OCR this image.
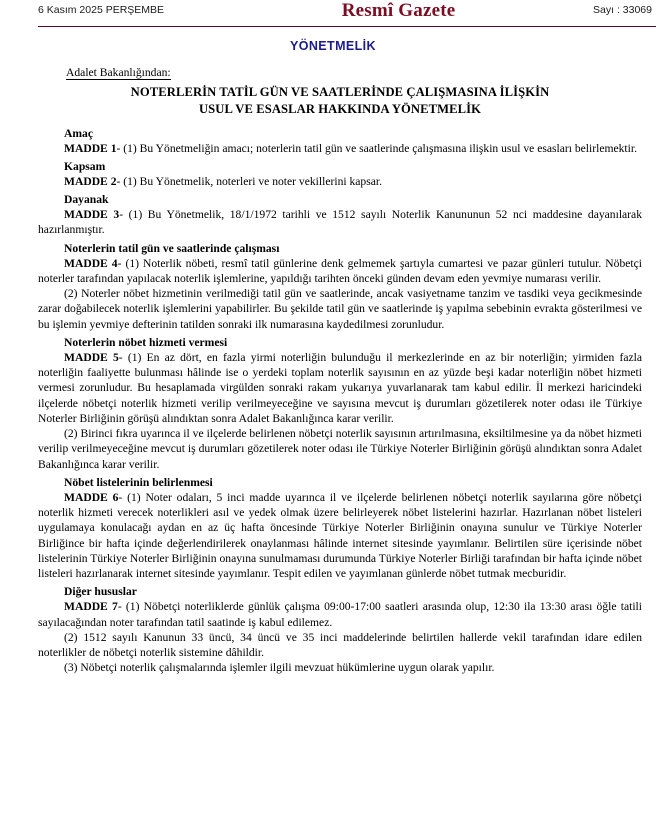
6 Kasım 2025 PERŞEMBE	Resmî Gazete	Sayı : 33069
YÖNETMELİK
Adalet Bakanlığından:
NOTERLERİN TATİL GÜN VE SAATLERİNDE ÇALIŞMASINA İLİŞKİN
USUL VE ESASLAR HAKKINDA YÖNETMELİK
Amaç

MADDE 1- (1) Bu Yönetmeliğin amacı; noterlerin tatil gün ve saatlerinde çalışmasına ilişkin usul ve esasları belirlemektir.

Kapsam

MADDE 2- (1) Bu Yönetmelik, noterleri ve noter vekillerini kapsar.

Dayanak

MADDE 3- (1) Bu Yönetmelik, 18/1/1972 tarihli ve 1512 sayılı Noterlik Kanununun 52 nci maddesine dayanılarak hazırlanmıştır.

Noterlerin tatil gün ve saatlerinde çalışması

MADDE 4- (1) Noterlik nöbeti, resmî tatil günlerine denk gelmemek şartıyla cumartesi ve pazar günleri tutulur. Nöbetçi noterler tarafından yapılacak noterlik işlemlerine, yapıldığı tarihten önceki günden devam eden yevmiye numarası verilir.

(2) Noterler nöbet hizmetinin verilmediği tatil gün ve saatlerinde, ancak vasiyetname tanzim ve tasdiki veya gecikmesinde zarar doğabilecek noterlik işlemlerini yapabilirler. Bu şekilde tatil gün ve saatlerinde iş yapılma sebebinin evrakta gösterilmesi ve bu işlemin yevmiye defterinin tatilden sonraki ilk numarasına kaydedilmesi zorunludur.

Noterlerin nöbet hizmeti vermesi

MADDE 5- (1) En az dört, en fazla yirmi noterliğin bulunduğu il merkezlerinde en az bir noterliğin; yirmiden fazla noterliğin faaliyette bulunması hâlinde ise o yerdeki toplam noterlik sayısının en az yüzde beşi kadar noterliğin nöbet hizmeti vermesi zorunludur. Bu hesaplamada virgülden sonraki rakam yukarıya yuvarlanarak tam kabul edilir. İl merkezi haricindeki ilçelerde nöbetçi noterlik hizmeti verilip verilmeyeceğine ve sayısına mevcut iş durumları gözetilerek noter odası ile Türkiye Noterler Birliğinin görüşü alındıktan sonra Adalet Bakanlığınca karar verilir.

(2) Birinci fıkra uyarınca il ve ilçelerde belirlenen nöbetçi noterlik sayısının artırılmasına, eksiltilmesine ya da nöbet hizmeti verilip verilmeyeceğine mevcut iş durumları gözetilerek noter odası ile Türkiye Noterler Birliğinin görüşü alındıktan sonra Adalet Bakanlığınca karar verilir.

Nöbet listelerinin belirlenmesi

MADDE 6- (1) Noter odaları, 5 inci madde uyarınca il ve ilçelerde belirlenen nöbetçi noterlik sayılarına göre nöbetçi noterlik hizmeti verecek noterlikleri asıl ve yedek olmak üzere belirleyerek nöbet listelerini hazırlar. Hazırlanan nöbet listeleri uygulamaya konulacağı aydan en az üç hafta öncesinde Türkiye Noterler Birliğinin onayına sunulur ve Türkiye Noterler Birliğince bir hafta içinde değerlendirilerek onaylanması hâlinde internet sitesinde yayımlanır. Belirtilen süre içerisinde nöbet listelerinin Türkiye Noterler Birliğinin onayına sunulmaması durumunda Türkiye Noterler Birliği tarafından bir hafta içinde nöbet listeleri hazırlanarak internet sitesinde yayımlanır. Tespit edilen ve yayımlanan günlerde nöbet tutmak mecburidir.

Diğer hususlar

MADDE 7- (1) Nöbetçi noterliklerde günlük çalışma 09:00-17:00 saatleri arasında olup, 12:30 ila 13:30 arası öğle tatili sayılacağından noter tarafından tatil saatinde iş kabul edilemez.

(2) 1512 sayılı Kanunun 33 üncü, 34 üncü ve 35 inci maddelerinde belirtilen hallerde vekil tarafından idare edilen noterlikler de nöbetçi noterlik sistemine dâhildir.

(3) Nöbetçi noterlik çalışmalarında işlemler ilgili mevzuat hükümlerine uygun olarak yapılır.
